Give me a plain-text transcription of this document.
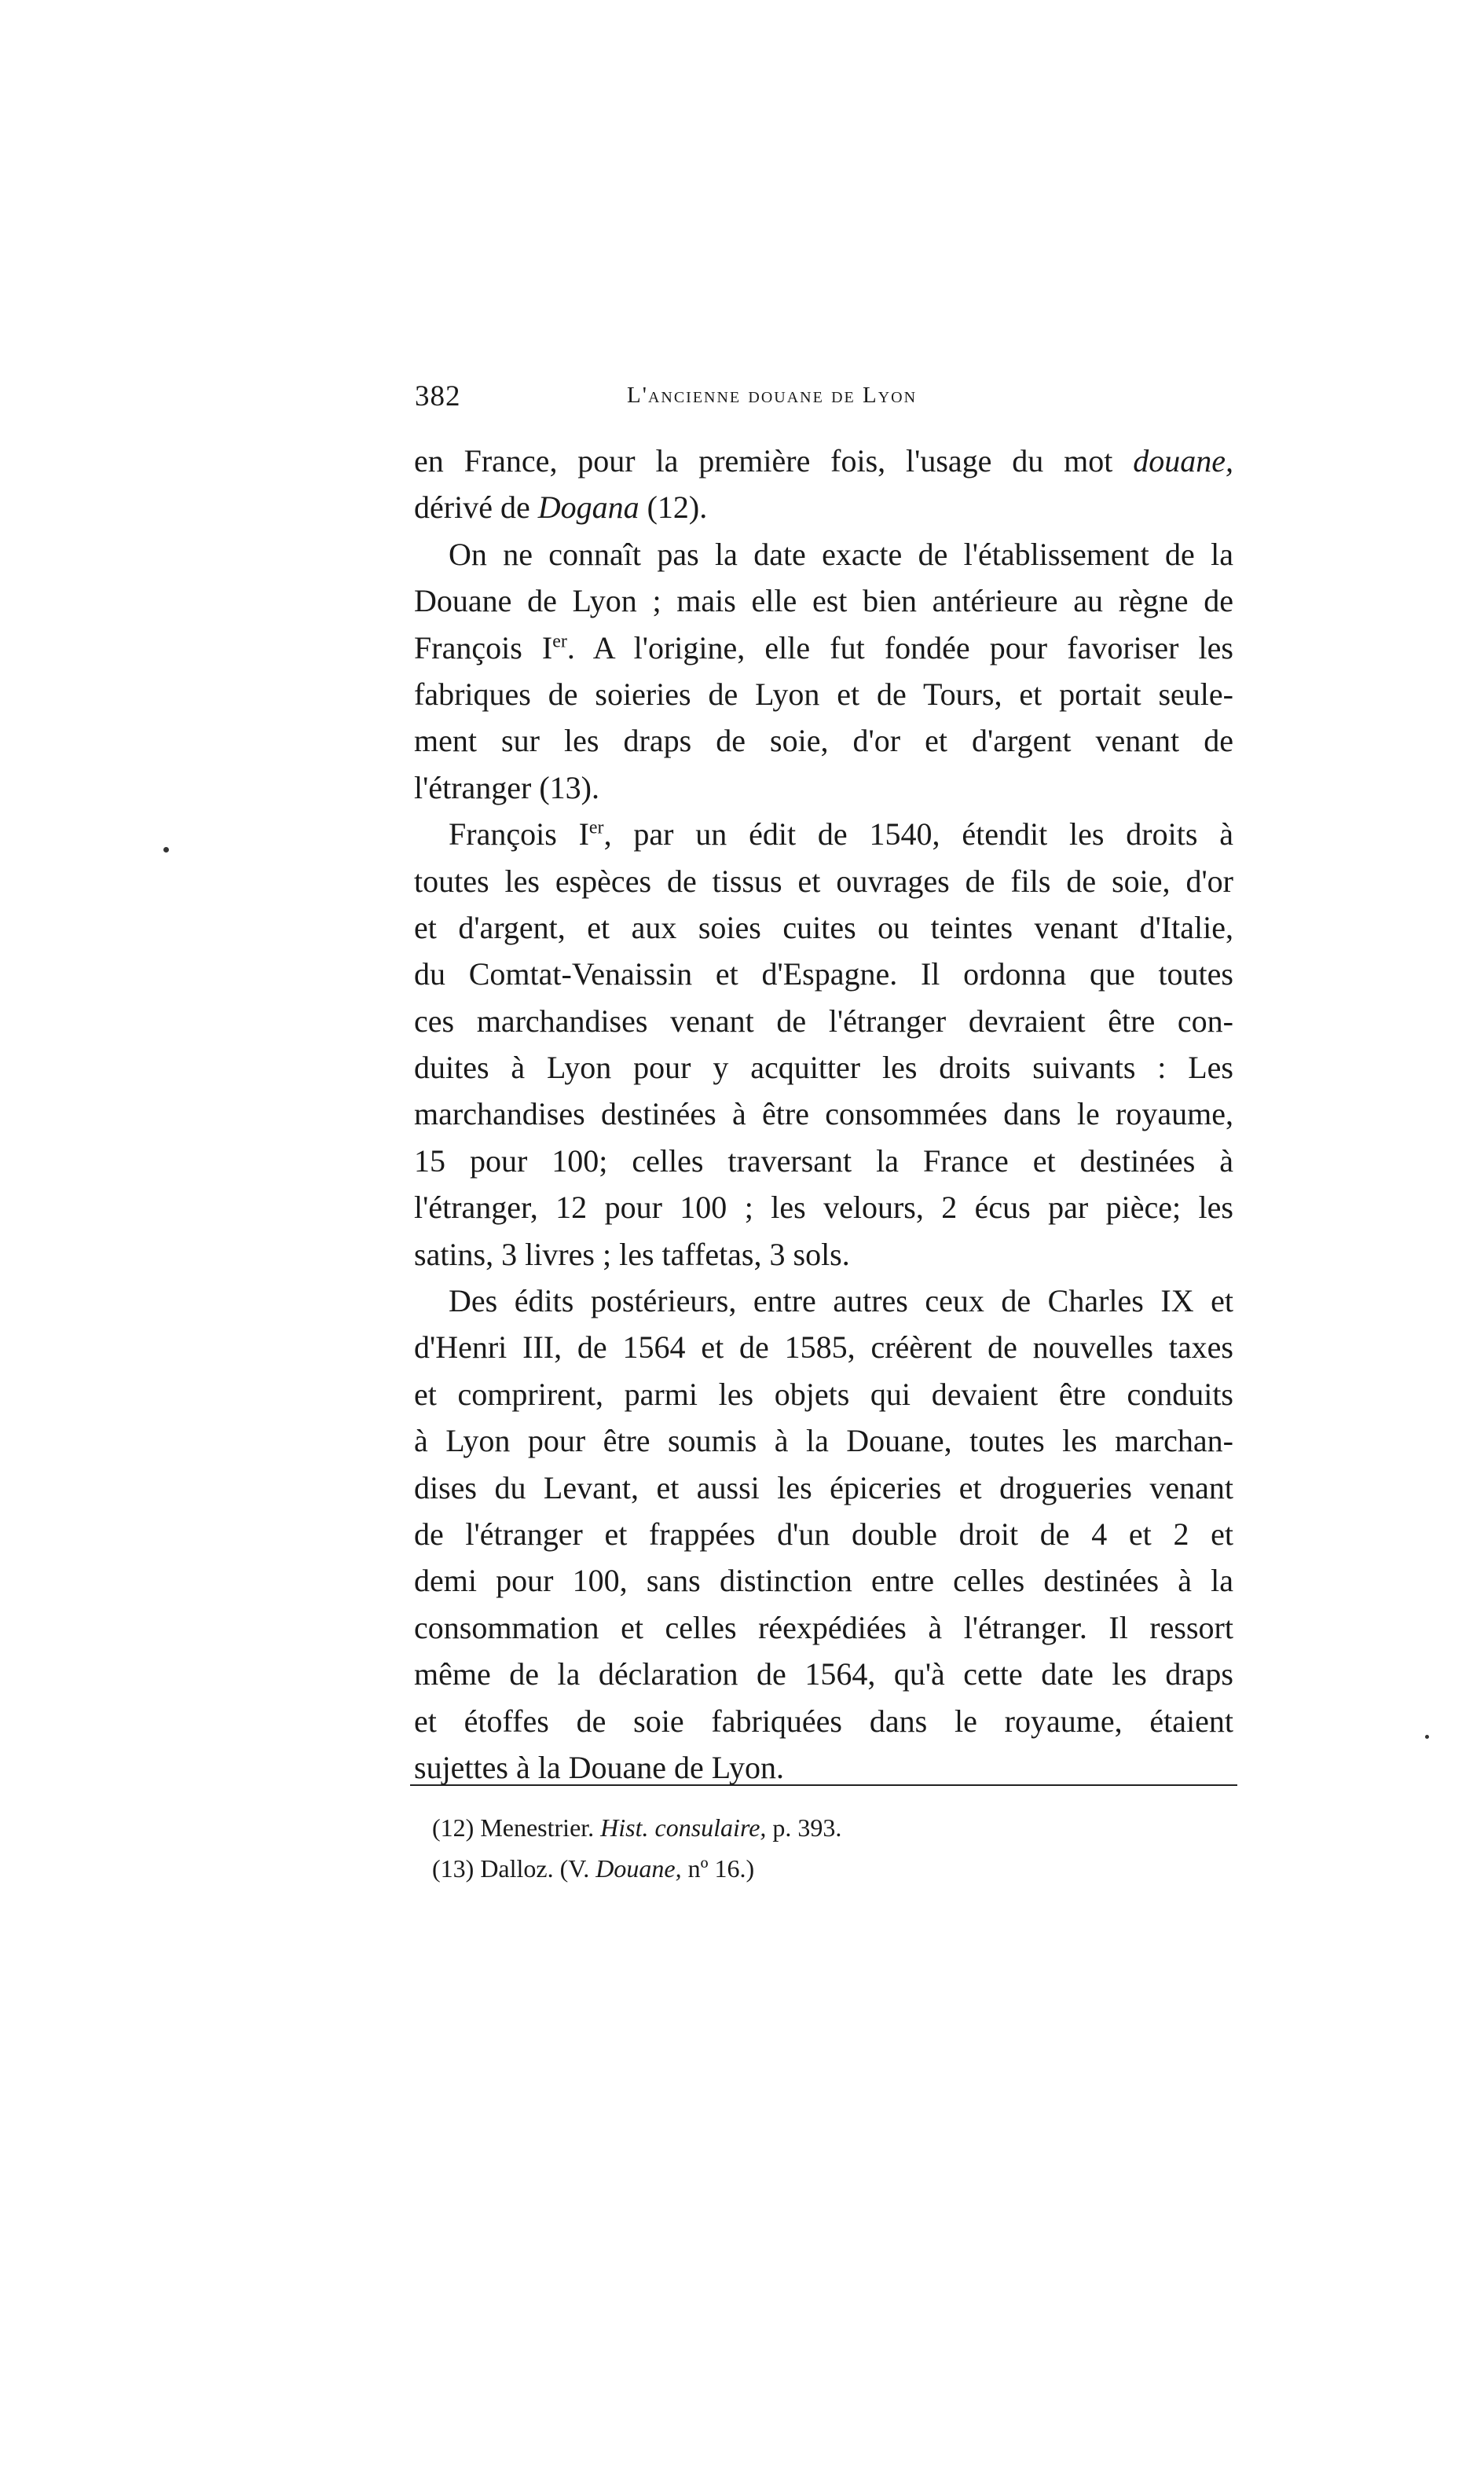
382	L'ancienne douane de Lyon
en France, pour la première fois, l'usage du mot douane,
dérivé de Dogana (12).
On ne connaît pas la date exacte de l'établissement de la
Douane de Lyon ; mais elle est bien antérieure au règne de
François Ier. A l'origine, elle fut fondée pour favoriser les
fabriques de soieries de Lyon et de Tours, et portait seule-
ment sur les draps de soie, d'or et d'argent venant de
l'étranger (13).
François Ier, par un édit de 1540, étendit les droits à
toutes les espèces de tissus et ouvrages de fils de soie, d'or
et d'argent, et aux soies cuites ou teintes venant d'Italie,
du Comtat-Venaissin et d'Espagne. Il ordonna que toutes
ces marchandises venant de l'étranger devraient être con-
duites à Lyon pour y acquitter les droits suivants : Les
marchandises destinées à être consommées dans le royaume,
15 pour 100; celles traversant la France et destinées à
l'étranger, 12 pour 100 ; les velours, 2 écus par pièce; les
satins, 3 livres ; les taffetas, 3 sols.
Des édits postérieurs, entre autres ceux de Charles IX et
d'Henri III, de 1564 et de 1585, créèrent de nouvelles taxes
et comprirent, parmi les objets qui devaient être conduits
à Lyon pour être soumis à la Douane, toutes les marchan-
dises du Levant, et aussi les épiceries et drogueries venant
de l'étranger et frappées d'un double droit de 4 et 2 et
demi pour 100, sans distinction entre celles destinées à la
consommation et celles réexpédiées à l'étranger. Il ressort
même de la déclaration de 1564, qu'à cette date les draps
et étoffes de soie fabriquées dans le royaume, étaient
sujettes à la Douane de Lyon.
(12) Menestrier. Hist. consulaire, p. 393.
(13) Dalloz. (V. Douane, nº 16.)
